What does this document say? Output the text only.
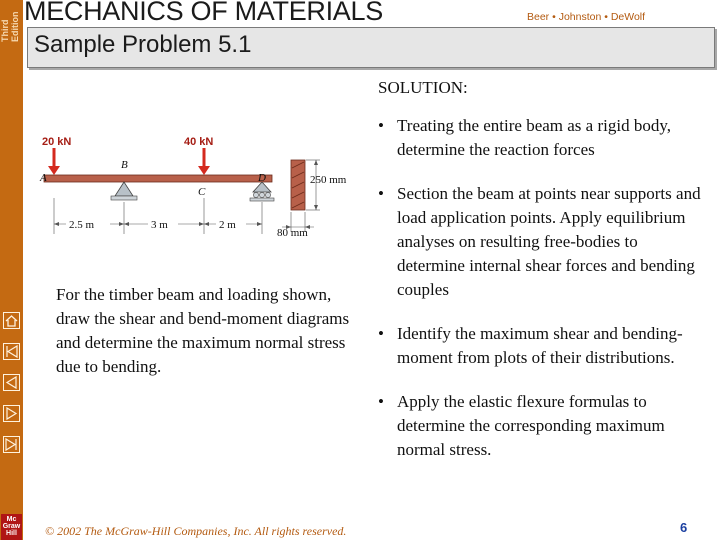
Third Edition
Mc Graw Hill
MECHANICS OF MATERIALS	Beer • Johnston • DeWolf
Sample Problem 5.1
SOLUTION:
• Treating the entire beam as a rigid body, determine the reaction forces
• Section the beam at points near supports and load application points. Apply equilibrium analyses on resulting free-bodies to determine internal shear forces and bending couples
• Identify the maximum shear and bending-moment from plots of their distributions.
• Apply the elastic flexure formulas to determine the corresponding maximum normal stress.
20 kN	40 kN
A
B
C
D
2.5 m	3 m	2 m
250 mm
80 mm
For the timber beam and loading shown, draw the shear and bend-moment diagrams and determine the maximum normal stress due to bending.
© 2002 The McGraw-Hill Companies, Inc. All rights reserved.	6
